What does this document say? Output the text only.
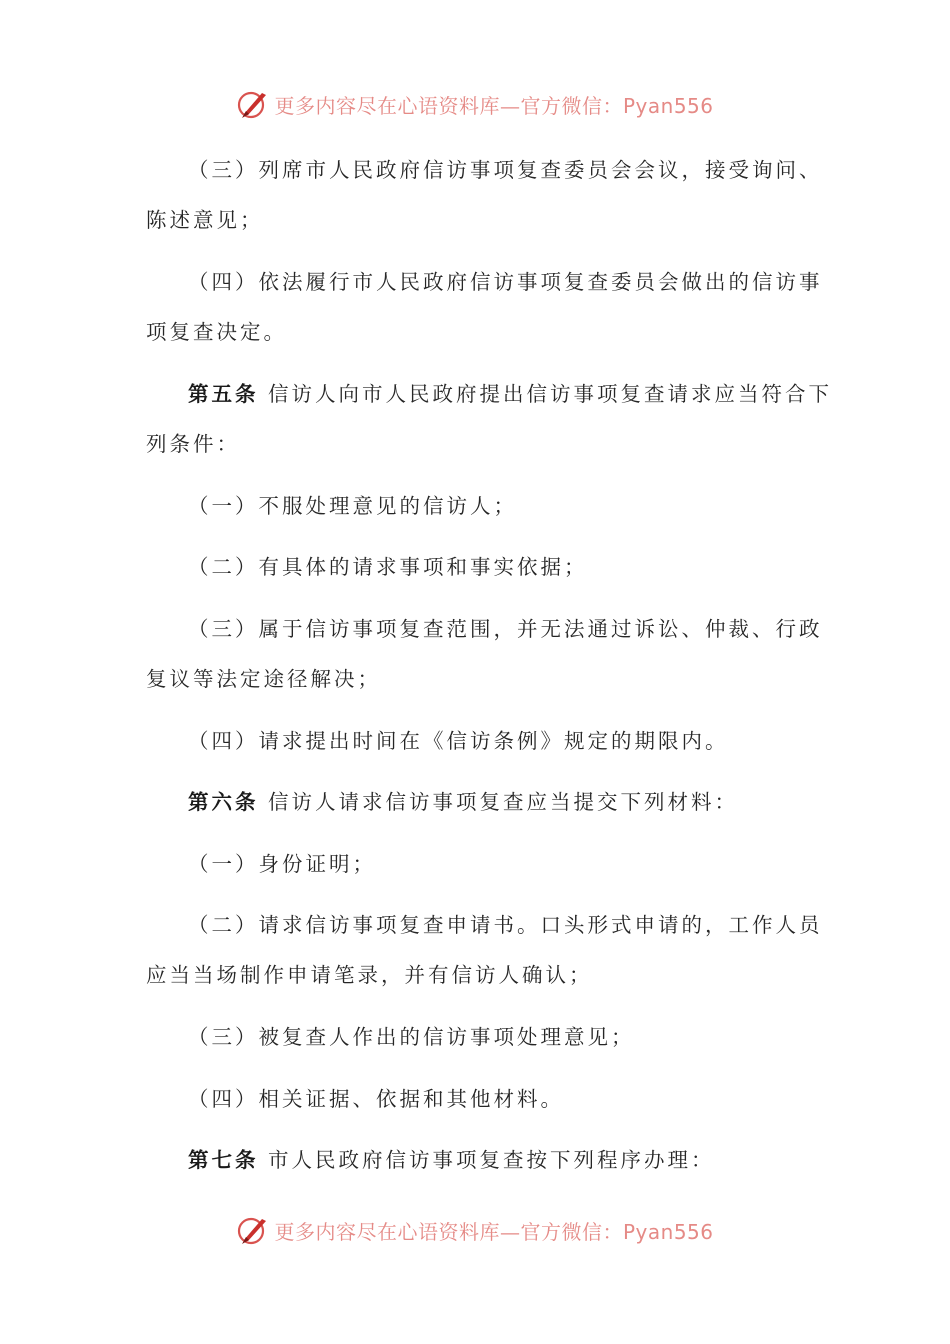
更多内容尽在心语资料库—官方微信：Pyan556
（三）列席市人民政府信访事项复查委员会会议，接受询问、
陈述意见；
（四）依法履行市人民政府信访事项复查委员会做出的信访事
项复查决定。
第五条 信访人向市人民政府提出信访事项复查请求应当符合下
列条件：
（一）不服处理意见的信访人；
（二）有具体的请求事项和事实依据；
（三）属于信访事项复查范围，并无法通过诉讼、仲裁、行政
复议等法定途径解决；
（四）请求提出时间在《信访条例》规定的期限内。
第六条 信访人请求信访事项复查应当提交下列材料：
（一）身份证明；
（二）请求信访事项复查申请书。口头形式申请的，工作人员
应当当场制作申请笔录，并有信访人确认；
（三）被复查人作出的信访事项处理意见；
（四）相关证据、依据和其他材料。
第七条 市人民政府信访事项复查按下列程序办理：
更多内容尽在心语资料库—官方微信：Pyan556
